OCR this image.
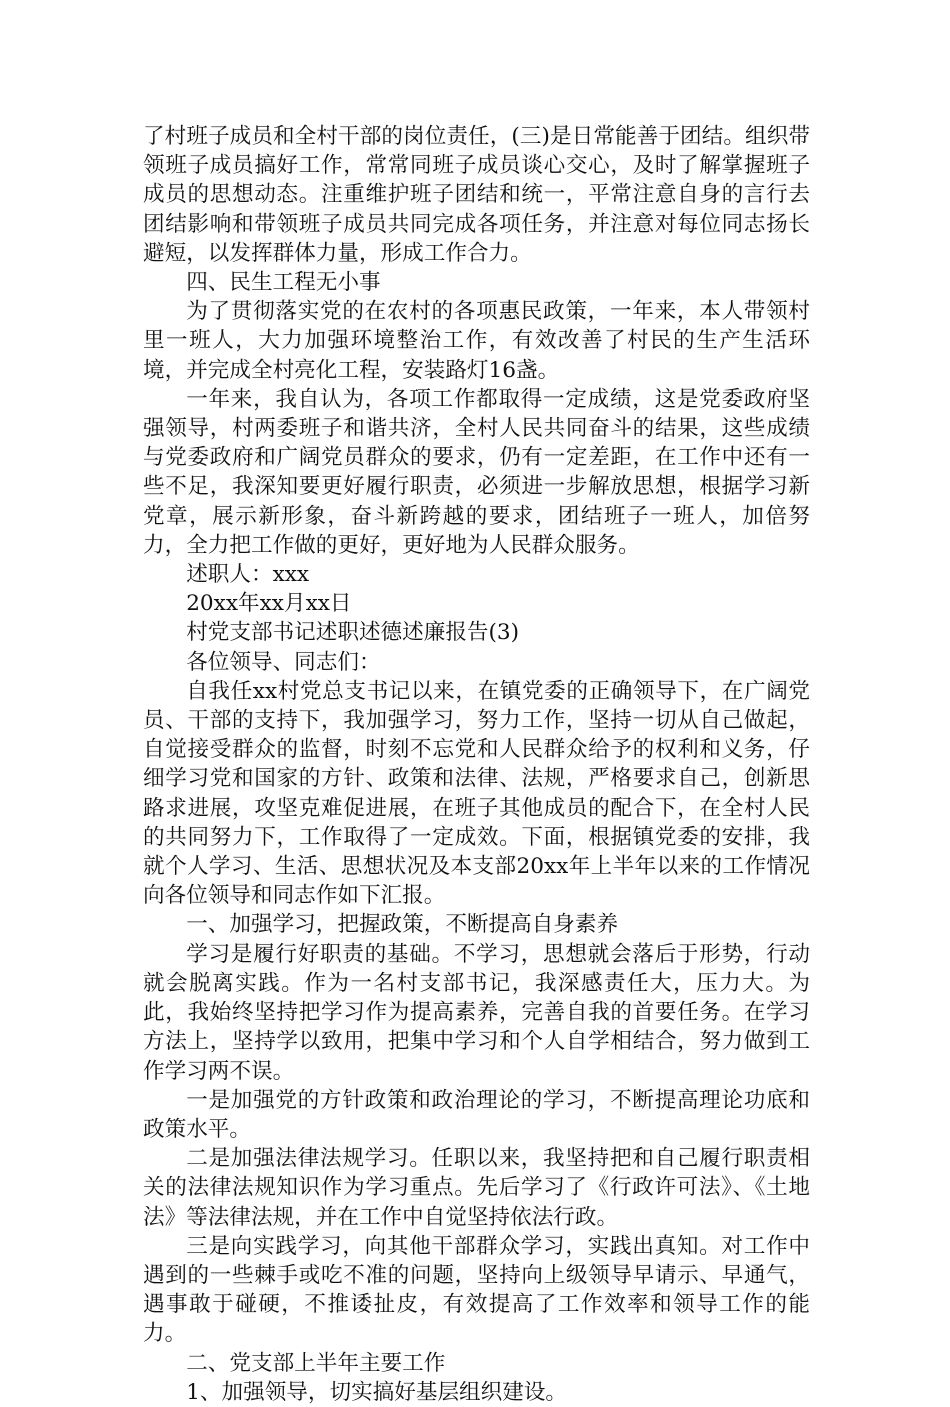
了村班子成员和全村干部的岗位责任，(三)是日常能善于团结。组织带领班子成员搞好工作，常常同班子成员谈心交心，及时了解掌握班子成员的思想动态。注重维护班子团结和统一，平常注意自身的言行去团结影响和带领班子成员共同完成各项任务，并注意对每位同志扬长避短，以发挥群体力量，形成工作合力。

四、民生工程无小事

为了贯彻落实党的在农村的各项惠民政策，一年来，本人带领村里一班人，大力加强环境整治工作，有效改善了村民的生产生活环境，并完成全村亮化工程，安装路灯16盏。

一年来，我自认为，各项工作都取得一定成绩，这是党委政府坚强领导，村两委班子和谐共济，全村人民共同奋斗的结果，这些成绩与党委政府和广阔党员群众的要求，仍有一定差距，在工作中还有一些不足，我深知要更好履行职责，必须进一步解放思想，根据学习新党章，展示新形象，奋斗新跨越的要求，团结班子一班人，加倍努力，全力把工作做的更好，更好地为人民群众服务。

述职人：xxx

20xx年xx月xx日

村党支部书记述职述德述廉报告(3)

各位领导、同志们：

自我任xx村党总支书记以来，在镇党委的正确领导下，在广阔党员、干部的支持下，我加强学习，努力工作，坚持一切从自己做起，自觉接受群众的监督，时刻不忘党和人民群众给予的权利和义务，仔细学习党和国家的方针、政策和法律、法规，严格要求自己，创新思路求进展，攻坚克难促进展，在班子其他成员的配合下，在全村人民的共同努力下，工作取得了一定成效。下面，根据镇党委的安排，我就个人学习、生活、思想状况及本支部20xx年上半年以来的工作情况向各位领导和同志作如下汇报。

一、加强学习，把握政策，不断提高自身素养

学习是履行好职责的基础。不学习，思想就会落后于形势，行动就会脱离实践。作为一名村支部书记，我深感责任大，压力大。为此，我始终坚持把学习作为提高素养，完善自我的首要任务。在学习方法上，坚持学以致用，把集中学习和个人自学相结合，努力做到工作学习两不误。

一是加强党的方针政策和政治理论的学习，不断提高理论功底和政策水平。

二是加强法律法规学习。任职以来，我坚持把和自己履行职责相关的法律法规知识作为学习重点。先后学习了《行政许可法》、《土地法》等法律法规，并在工作中自觉坚持依法行政。

三是向实践学习，向其他干部群众学习，实践出真知。对工作中遇到的一些棘手或吃不准的问题，坚持向上级领导早请示、早通气，遇事敢于碰硬，不推诿扯皮，有效提高了工作效率和领导工作的能力。

二、党支部上半年主要工作

1、加强领导，切实搞好基层组织建设。
